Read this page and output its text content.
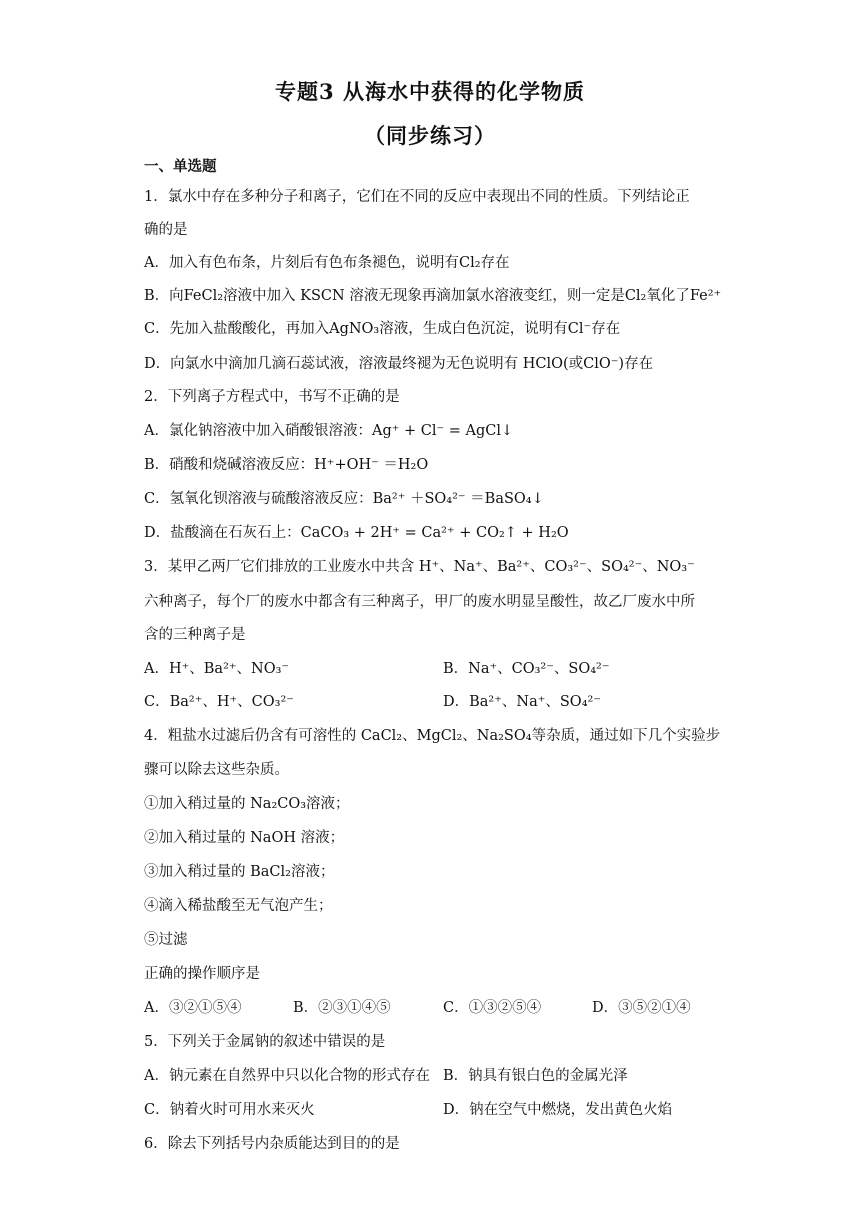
专题3 从海水中获得的化学物质
（同步练习）
一、单选题
1．氯水中存在多种分子和离子，它们在不同的反应中表现出不同的性质。下列结论正
确的是
A．加入有色布条，片刻后有色布条褪色，说明有Cl₂存在
B．向FeCl₂溶液中加入 KSCN 溶液无现象再滴加氯水溶液变红，则一定是Cl₂氧化了Fe²⁺
C．先加入盐酸酸化，再加入AgNO₃溶液，生成白色沉淀，说明有Cl⁻存在
D．向氯水中滴加几滴石蕊试液，溶液最终褪为无色说明有 HClO(或ClO⁻)存在
2．下列离子方程式中，书写不正确的是
A．氯化钠溶液中加入硝酸银溶液：Ag⁺ + Cl⁻ = AgCl↓
B．硝酸和烧碱溶液反应：H⁺+OH⁻ ＝H₂O
C．氢氧化钡溶液与硫酸溶液反应：Ba²⁺ ＋SO₄²⁻ ＝BaSO₄↓
D．盐酸滴在石灰石上：CaCO₃ + 2H⁺ = Ca²⁺ + CO₂↑ + H₂O
3．某甲乙两厂它们排放的工业废水中共含 H⁺、Na⁺、Ba²⁺、CO₃²⁻、SO₄²⁻、NO₃⁻
六种离子，每个厂的废水中都含有三种离子，甲厂的废水明显呈酸性，故乙厂废水中所
含的三种离子是
A．H⁺、Ba²⁺、NO₃⁻	B．Na⁺、CO₃²⁻、SO₄²⁻
C．Ba²⁺、H⁺、CO₃²⁻	D．Ba²⁺、Na⁺、SO₄²⁻
4．粗盐水过滤后仍含有可溶性的 CaCl₂、MgCl₂、Na₂SO₄等杂质，通过如下几个实验步
骤可以除去这些杂质。
①加入稍过量的 Na₂CO₃溶液；
②加入稍过量的 NaOH 溶液；
③加入稍过量的 BaCl₂溶液；
④滴入稀盐酸至无气泡产生；
⑤过滤
正确的操作顺序是
A．③②①⑤④	B．②③①④⑤	C．①③②⑤④	D．③⑤②①④
5．下列关于金属钠的叙述中错误的是
A．钠元素在自然界中只以化合物的形式存在 B．钠具有银白色的金属光泽
C．钠着火时可用水来灭火	D．钠在空气中燃烧，发出黄色火焰
6．除去下列括号内杂质能达到目的的是
